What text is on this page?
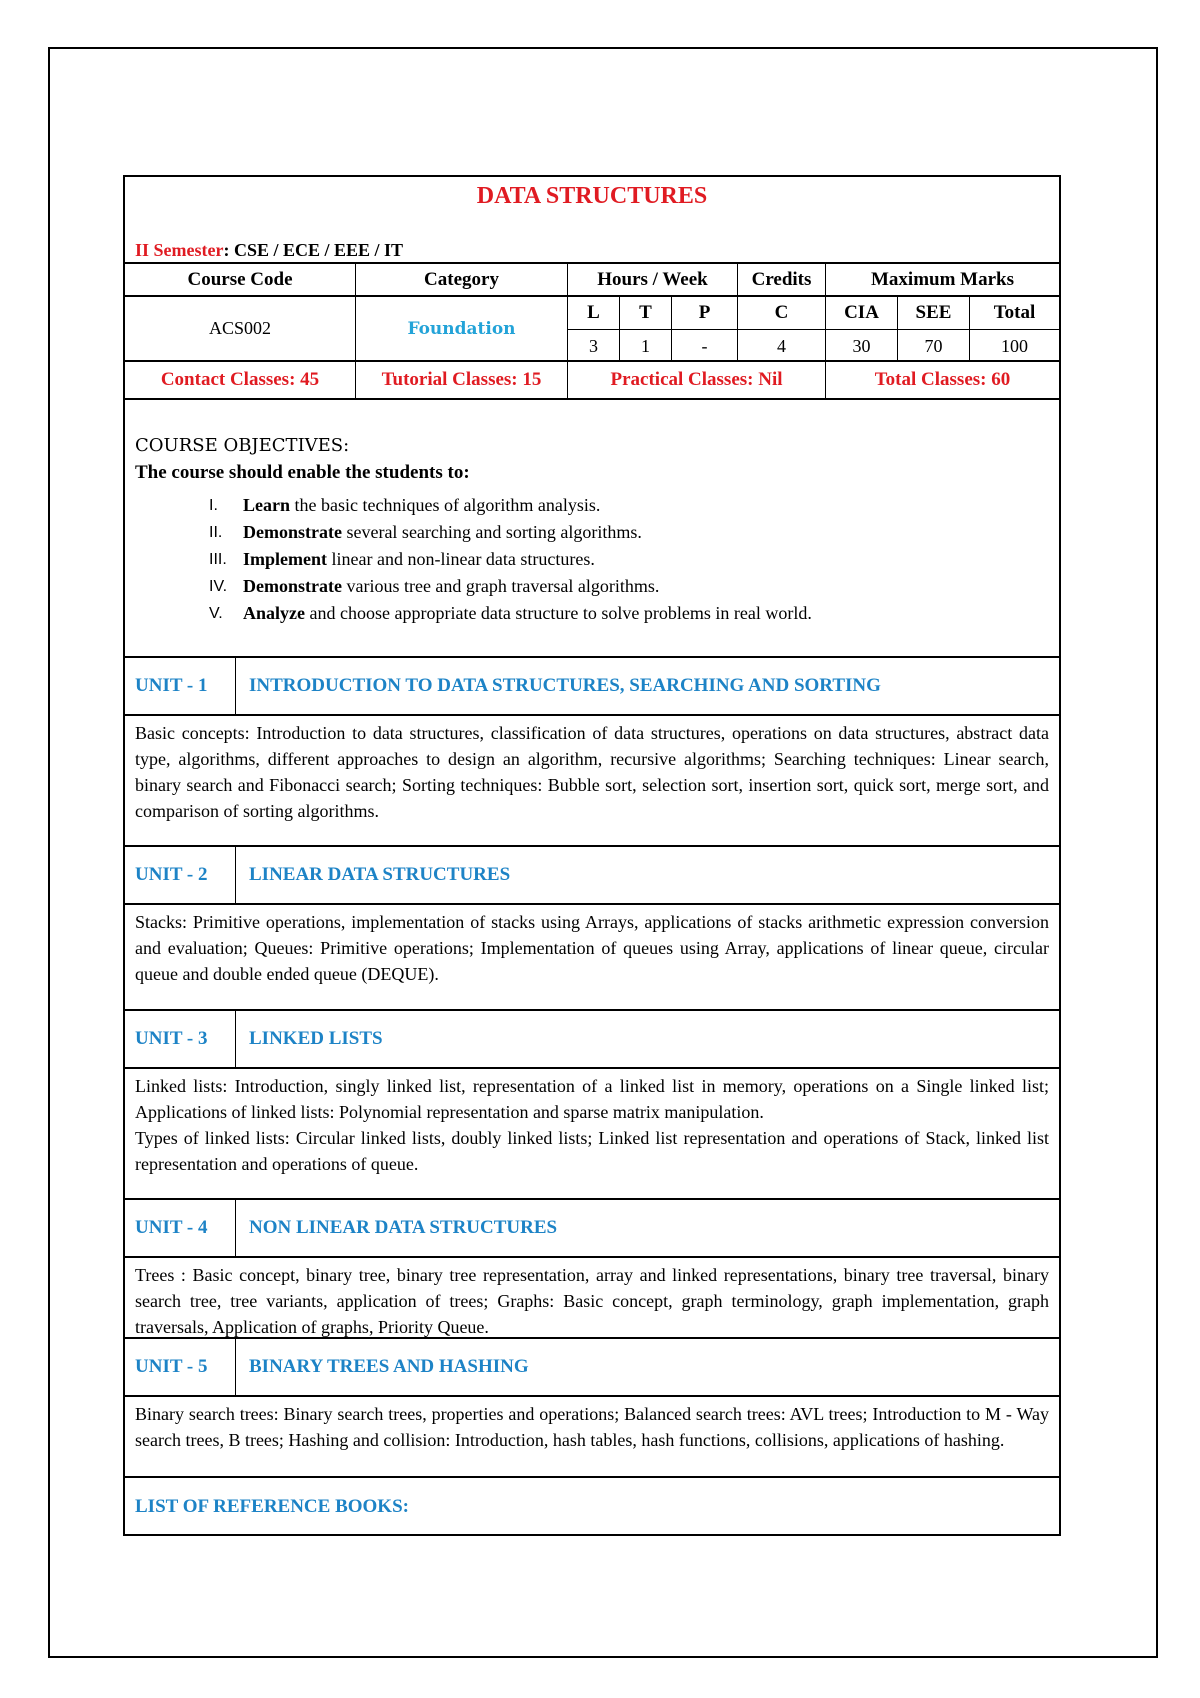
DATA STRUCTURES
II Semester: CSE / ECE / EEE / IT
Course Code	Category	Hours / Week	Credits	Maximum Marks
ACS002	Foundation
L	T	P	C	CIA	SEE	Total
3	1	-	4	30	70	100
Contact Classes: 45	Tutorial Classes: 15	Practical Classes: Nil	Total Classes: 60
COURSE OBJECTIVES:
The course should enable the students to:
I. Learn the basic techniques of algorithm analysis.
II. Demonstrate several searching and sorting algorithms.
III. Implement linear and non-linear data structures.
IV. Demonstrate various tree and graph traversal algorithms.
V. Analyze and choose appropriate data structure to solve problems in real world.
LIST OF REFERENCE BOOKS:
UNIT - 1	INTRODUCTION TO DATA STRUCTURES, SEARCHING AND SORTING

Basic concepts: Introduction to data structures, classification of data structures, operations on data structures, abstract data type, algorithms, different approaches to design an algorithm, recursive algorithms; Searching techniques: Linear search, binary search and Fibonacci search; Sorting techniques: Bubble sort, selection sort, insertion sort, quick sort, merge sort, and comparison of sorting algorithms.

UNIT - 2	LINEAR DATA STRUCTURES

Stacks: Primitive operations, implementation of stacks using Arrays, applications of stacks arithmetic expression conversion and evaluation; Queues: Primitive operations; Implementation of queues using Array, applications of linear queue, circular queue and double ended queue (DEQUE).

UNIT - 3	LINKED LISTS

Linked lists: Introduction, singly linked list, representation of a linked list in memory, operations on a Single linked list; Applications of linked lists: Polynomial representation and sparse matrix manipulation.

Types of linked lists: Circular linked lists, doubly linked lists; Linked list representation and operations of Stack, linked list representation and operations of queue.

UNIT - 4	NON LINEAR DATA STRUCTURES

Trees : Basic concept, binary tree, binary tree representation, array and linked representations, binary tree traversal, binary search tree, tree variants, application of trees; Graphs: Basic concept, graph terminology, graph implementation, graph traversals, Application of graphs, Priority Queue.

UNIT - 5	BINARY TREES AND HASHING

Binary search trees: Binary search trees, properties and operations; Balanced search trees: AVL trees; Introduction to M - Way search trees, B trees; Hashing and collision: Introduction, hash tables, hash functions, collisions, applications of hashing.
